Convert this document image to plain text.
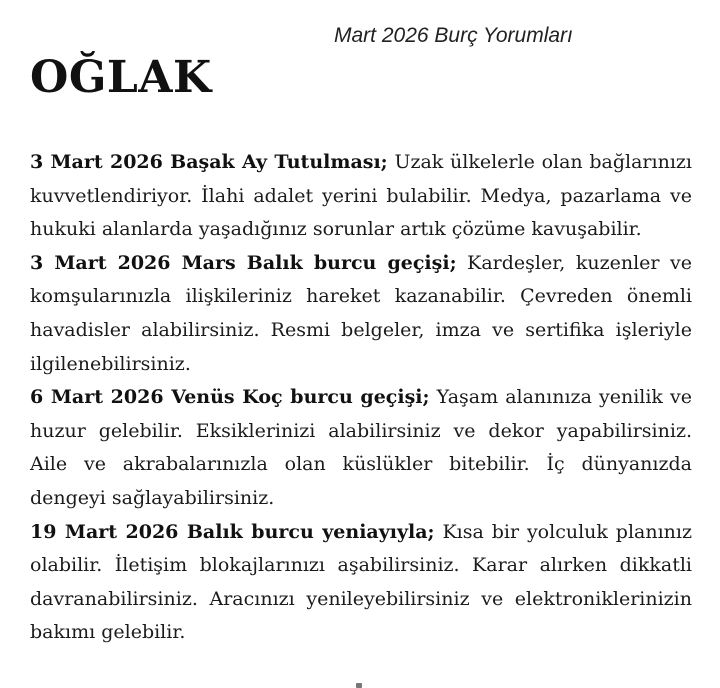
Mart 2026 Burç Yorumları
OĞLAK

3 Mart 2026 Başak Ay Tutulması; Uzak ülkelerle olan bağlarınızı kuvvetlendiriyor. İlahi adalet yerini bulabilir. Medya, pazarlama ve hukuki alanlarda yaşadığınız sorunlar artık çözüme kavuşabilir.

3 Mart 2026 Mars Balık burcu geçişi; Kardeşler, kuzenler ve komşularınızla ilişkileriniz hareket kazanabilir. Çevreden önemli havadisler alabilirsiniz. Resmi belgeler, imza ve sertifika işleriyle ilgilenebilirsiniz.

6 Mart 2026 Venüs Koç burcu geçişi; Yaşam alanınıza yenilik ve huzur gelebilir. Eksiklerinizi alabilirsiniz ve dekor yapabilirsiniz. Aile ve akrabalarınızla olan küslükler bitebilir. İç dünyanızda dengeyi sağlayabilirsiniz.

19 Mart 2026 Balık burcu yeniayıyla; Kısa bir yolculuk planınız olabilir. İletişim blokajlarınızı aşabilirsiniz. Karar alırken dikkatli davranabilirsiniz. Aracınızı yenileyebilirsiniz ve elektroniklerinizin bakımı gelebilir.
